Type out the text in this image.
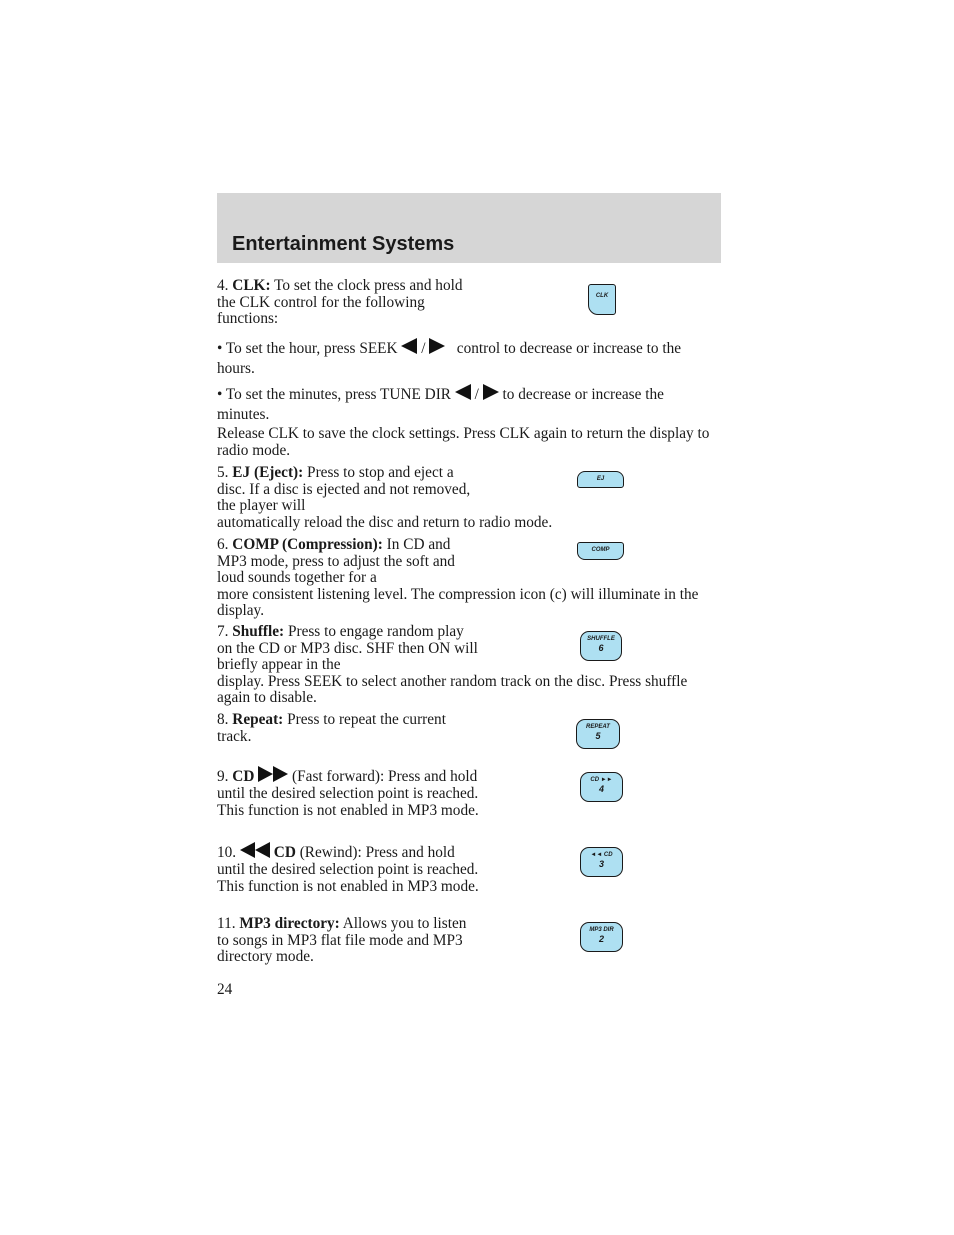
Entertainment Systems

4. CLK: To set the clock press and hold the CLK control for the following functions:

CLK

• To set the hour, press SEEK  /    control to decrease or increase to the hours.

• To set the minutes, press TUNE DIR  /  to decrease or increase the minutes.

Release CLK to save the clock settings. Press CLK again to return the display to radio mode.

5. EJ (Eject): Press to stop and eject a disc. If a disc is ejected and not removed, the player will
automatically reload the disc and return to radio mode.

EJ

6. COMP (Compression): In CD and MP3 mode, press to adjust the soft and loud sounds together for a
more consistent listening level. The compression icon (c) will illuminate in the display.

COMP

7. Shuffle: Press to engage random play on the CD or MP3 disc. SHF then ON will briefly appear in the
display. Press SEEK to select another random track on the disc. Press shuffle again to disable.

SHUFFLE
6

8. Repeat: Press to repeat the current track.

REPEAT
5

9. CD  (Fast forward): Press and hold until the desired selection point is reached. This function is not enabled in MP3 mode.

CD ►►
4

10.  CD (Rewind): Press and hold until the desired selection point is reached. This function is not enabled in MP3 mode.

◄◄ CD
3

11. MP3 directory: Allows you to listen to songs in MP3 flat file mode and MP3 directory mode.

MP3 DIR
2
24
